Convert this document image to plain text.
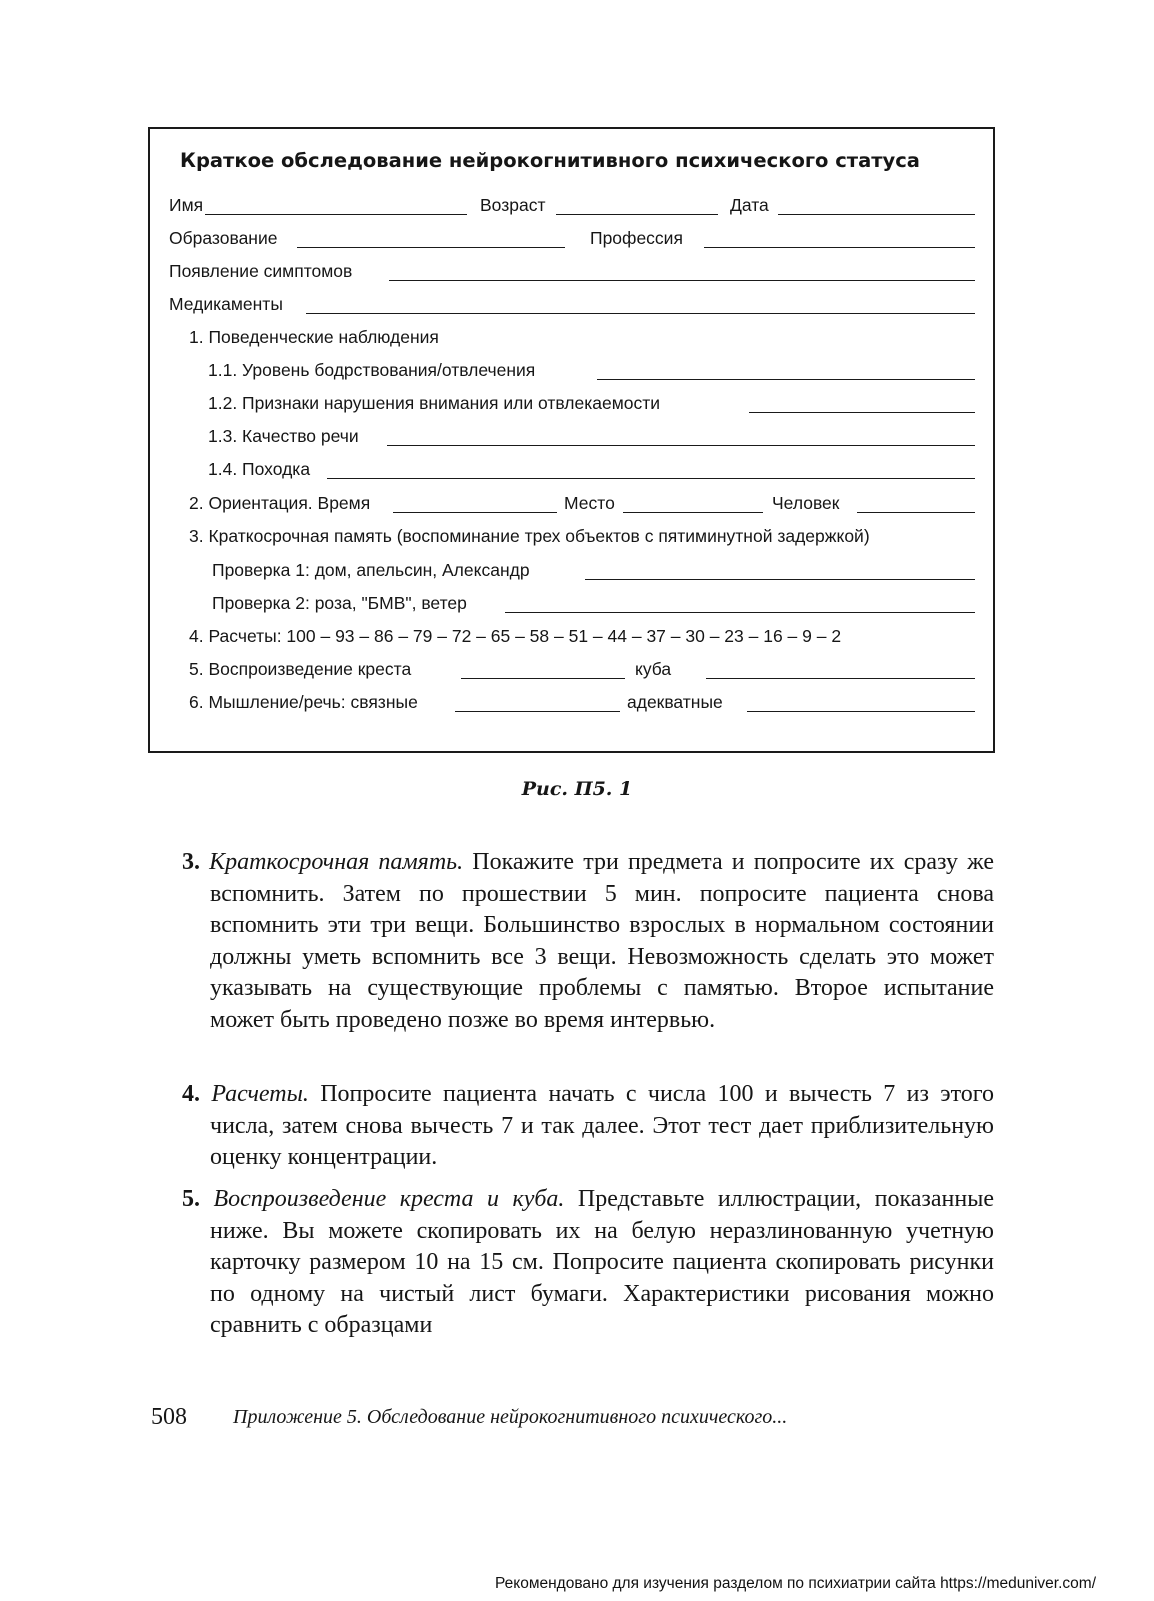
Краткое обследование нейрокогнитивного психического статуса
Имя	Возраст	Дата
Образование	Профессия
Появление симптомов
Медикаменты
1. Поведенческие наблюдения
1.1. Уровень бодрствования/отвлечения
1.2. Признаки нарушения внимания или отвлекаемости
1.3. Качество речи
1.4. Походка
2. Ориентация. Время	Место	Человек
3. Краткосрочная память (воспоминание трех объектов с пятиминутной задержкой)
Проверка 1: дом, апельсин, Александр
Проверка 2: роза, "БМВ", ветер
4. Расчеты: 100 – 93 – 86 – 79 – 72 – 65 – 58 – 51 – 44 – 37 – 30 – 23 – 16 – 9 – 2
5. Воспроизведение креста	куба
6. Мышление/речь: связные	адекватные
Рис. П5. 1
3. Краткосрочная память. Покажите три предмета и попросите их сразу же вспомнить. Затем по прошествии 5 мин. попросите пациента снова вспомнить эти три вещи. Большинство взрослых в нормальном состоянии должны уметь вспомнить все 3 вещи. Невозможность сделать это может указывать на существующие проблемы с памятью. Второе испытание может быть проведено позже во время интервью.
4. Расчеты. Попросите пациента начать с числа 100 и вычесть 7 из этого числа, затем снова вычесть 7 и так далее. Этот тест дает приблизительную оценку концентрации.
5. Воспроизведение креста и куба. Представьте иллюстрации, показанные ниже. Вы можете скопировать их на белую неразлинованную учетную карточку размером 10 на 15 см. Попросите пациента скопировать рисунки по одному на чистый лист бумаги. Характеристики рисования можно сравнить с образцами
508 Приложение 5. Обследование нейрокогнитивного психического...
Рекомендовано для изучения разделом по психиатрии сайта https://meduniver.com/
